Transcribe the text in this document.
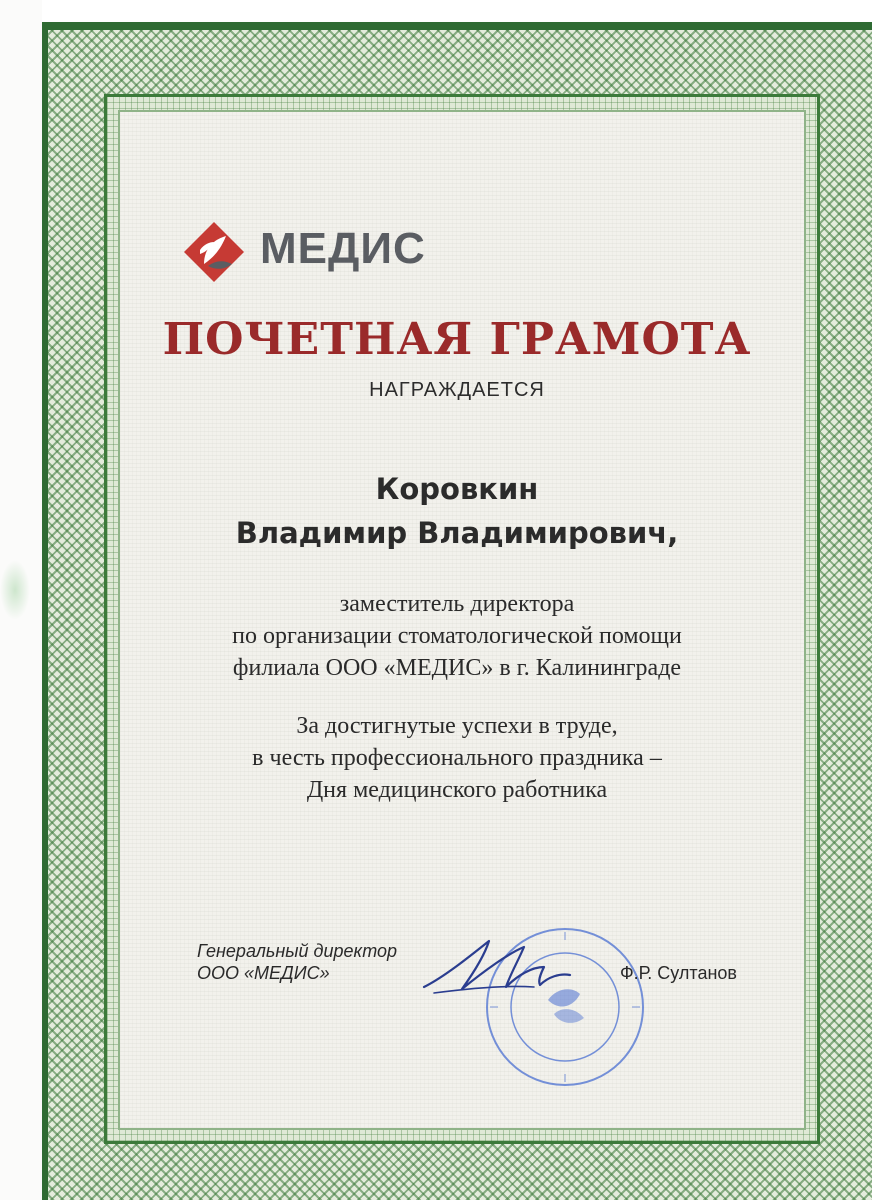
МЕДИС
ПОЧЕТНАЯ ГРАМОТА
НАГРАЖДАЕТСЯ
Коровкин
Владимир Владимирович,
заместитель директора
по организации стоматологической помощи
филиала ООО «МЕДИС» в г. Калининграде
За достигнутые успехи в труде,
в честь профессионального праздника –
Дня медицинского работника
Генеральный директор
ООО «МЕДИС»	Ф.Р. Султанов
